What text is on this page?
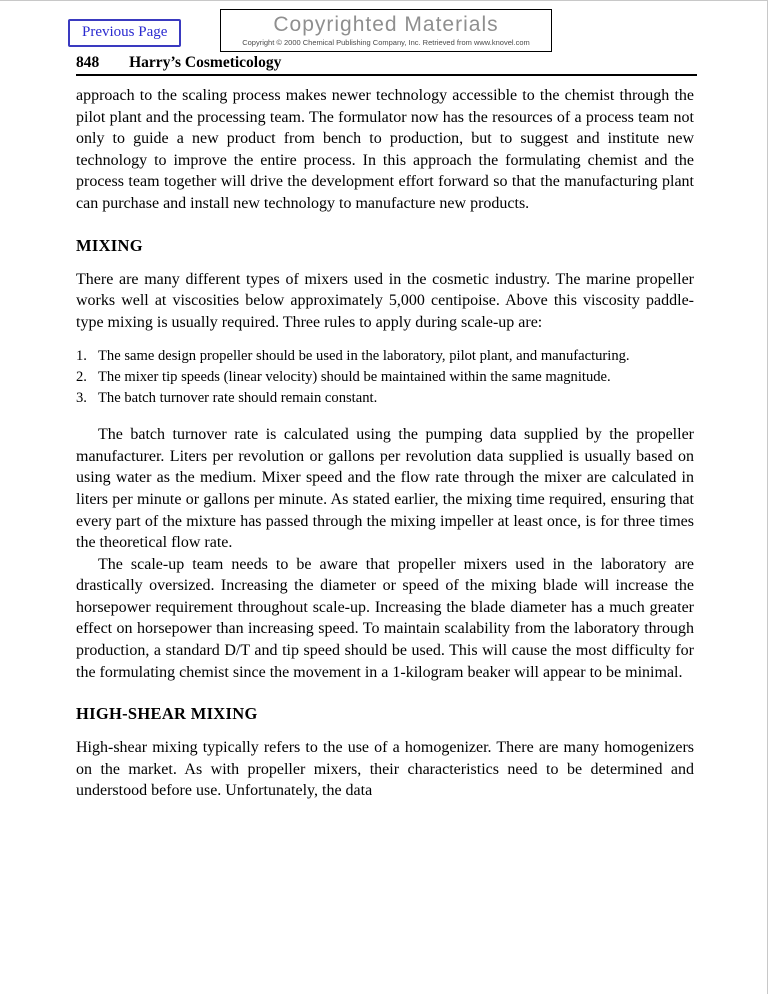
Previous Page	Copyrighted Materials
Copyright © 2000 Chemical Publishing Company, Inc. Retrieved from www.knovel.com
848 Harry’s Cosmeticology

approach to the scaling process makes newer technology accessible to the chemist through the pilot plant and the processing team. The formulator now has the resources of a process team not only to guide a new product from bench to production, but to suggest and institute new technology to improve the entire process. In this approach the formulating chemist and the process team together will drive the development effort forward so that the manufacturing plant can purchase and install new technology to manufacture new products.

MIXING

There are many different types of mixers used in the cosmetic industry. The marine propeller works well at viscosities below approximately 5,000 centipoise. Above this viscosity paddle-type mixing is usually required. Three rules to apply during scale-up are:

1. The same design propeller should be used in the laboratory, pilot plant, and manufacturing.
2. The mixer tip speeds (linear velocity) should be maintained within the same magnitude.
3. The batch turnover rate should remain constant.

The batch turnover rate is calculated using the pumping data supplied by the propeller manufacturer. Liters per revolution or gallons per revolution data supplied is usually based on using water as the medium. Mixer speed and the flow rate through the mixer are calculated in liters per minute or gallons per minute. As stated earlier, the mixing time required, ensuring that every part of the mixture has passed through the mixing impeller at least once, is for three times the theoretical flow rate.

The scale-up team needs to be aware that propeller mixers used in the laboratory are drastically oversized. Increasing the diameter or speed of the mixing blade will increase the horsepower requirement throughout scale-up. Increasing the blade diameter has a much greater effect on horsepower than increasing speed. To maintain scalability from the laboratory through production, a standard D/T and tip speed should be used. This will cause the most difficulty for the formulating chemist since the movement in a 1-kilogram beaker will appear to be minimal.

HIGH-SHEAR MIXING

High-shear mixing typically refers to the use of a homogenizer. There are many homogenizers on the market. As with propeller mixers, their characteristics need to be determined and understood before use. Unfortunately, the data
